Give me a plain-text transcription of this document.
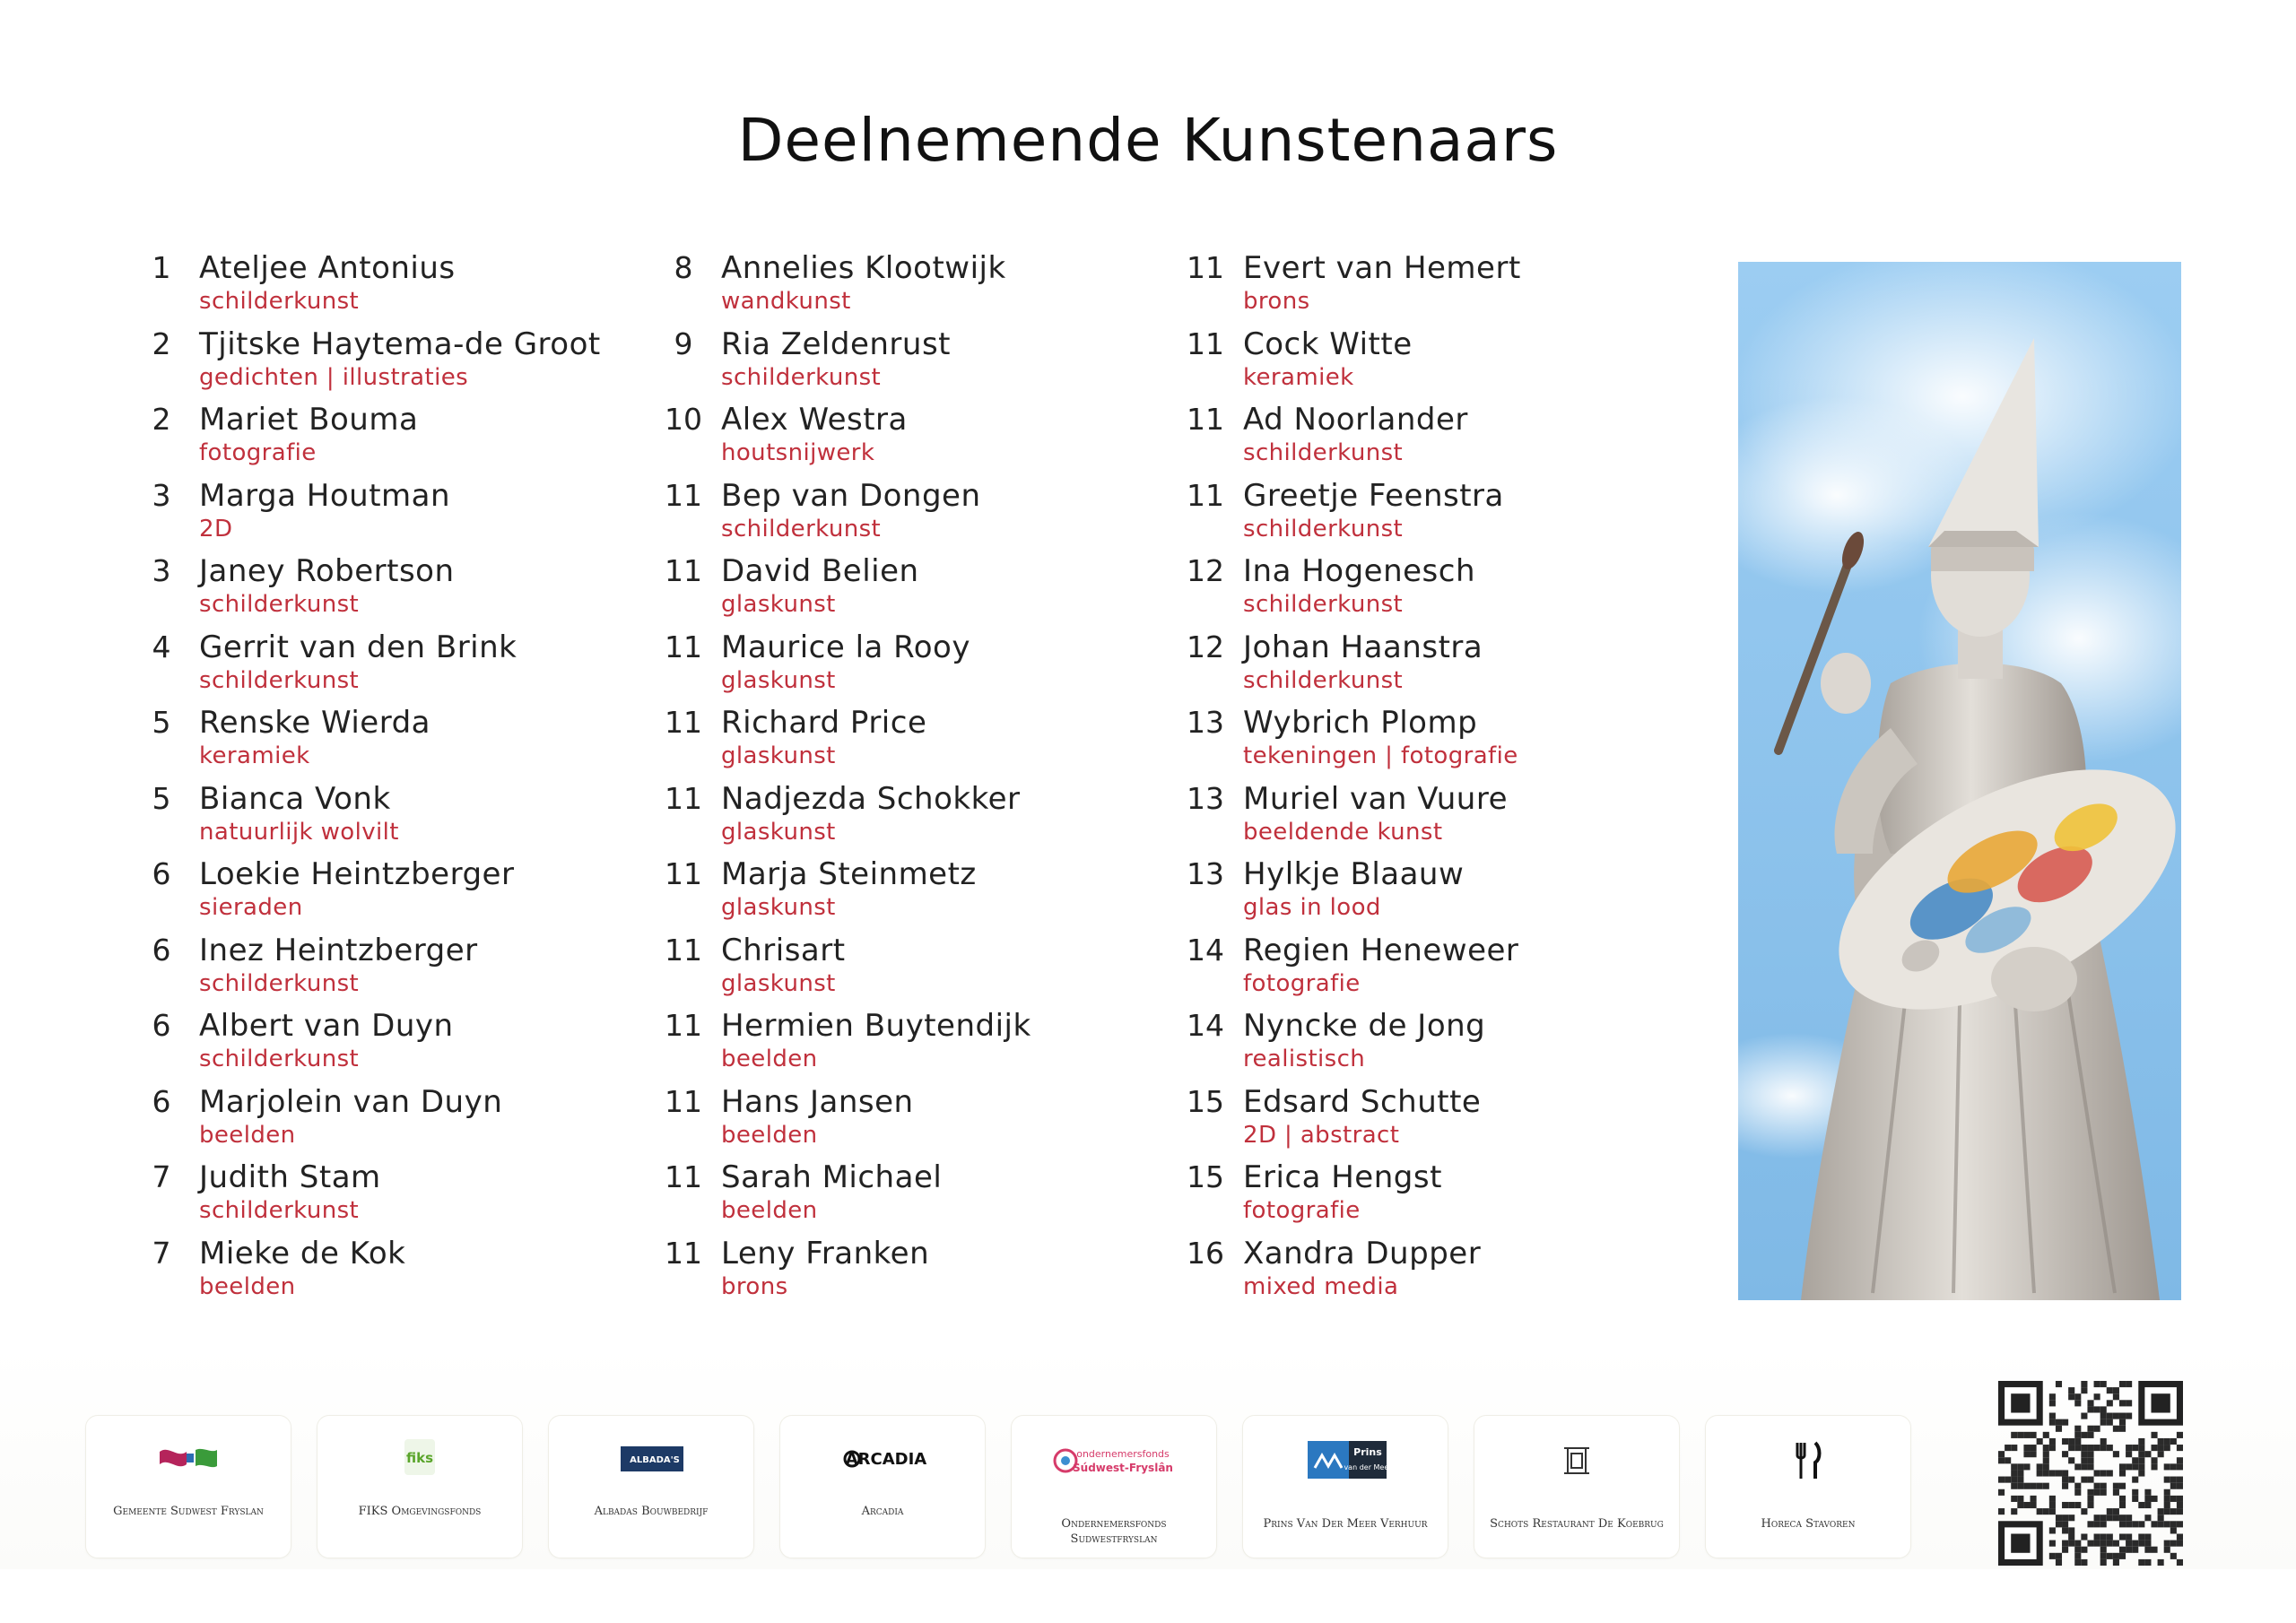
Deelnemende Kunstenaars
1 Ateljee Antonius
schilderkunst
2 Tjitske Haytema-de Groot
gedichten | illustraties
2 Mariet Bouma
fotografie
3 Marga Houtman
2D
3 Janey Robertson
schilderkunst
4 Gerrit van den Brink
schilderkunst
5 Renske Wierda
keramiek
5 Bianca Vonk
natuurlijk wolvilt
6 Loekie Heintzberger
sieraden
6 Inez Heintzberger
schilderkunst
6 Albert van Duyn
schilderkunst
6 Marjolein van Duyn
beelden
7 Judith Stam
schilderkunst
7 Mieke de Kok
beelden
8 Annelies Klootwijk
wandkunst
9 Ria Zeldenrust
schilderkunst
10 Alex Westra
houtsnijwerk
11 Bep van Dongen
schilderkunst
11 David Belien
glaskunst
11 Maurice la Rooy
glaskunst
11 Richard Price
glaskunst
11 Nadjezda Schokker
glaskunst
11 Marja Steinmetz
glaskunst
11 Chrisart
glaskunst
11 Hermien Buytendijk
beelden
11 Hans Jansen
beelden
11 Sarah Michael
beelden
11 Leny Franken
brons
11 Evert van Hemert
brons
11 Cock Witte
keramiek
11 Ad Noorlander
schilderkunst
11 Greetje Feenstra
schilderkunst
12 Ina Hogenesch
schilderkunst
12 Johan Haanstra
schilderkunst
13 Wybrich Plomp
tekeningen | fotografie
13 Muriel van Vuure
beeldende kunst
13 Hylkje Blaauw
glas in lood
14 Regien Heneweer
fotografie
14 Nyncke de Jong
realistisch
15 Edsard Schutte
2D | abstract
15 Erica Hengst
fotografie
16 Xandra Dupper
mixed media
Gemeente Sudwest Fryslan
fiks
FIKS Omgevingsfonds
ALBADA'S
Albadas Bouwbedrijf
ARCADIA
Arcadia
ondernemersfonds
Súdwest-Fryslân
Ondernemersfonds Sudwestfryslan
Prins
van der Meer
Prins Van Der Meer Verhuur	Schots Restaurant De Koebrug	Horeca Stavoren
